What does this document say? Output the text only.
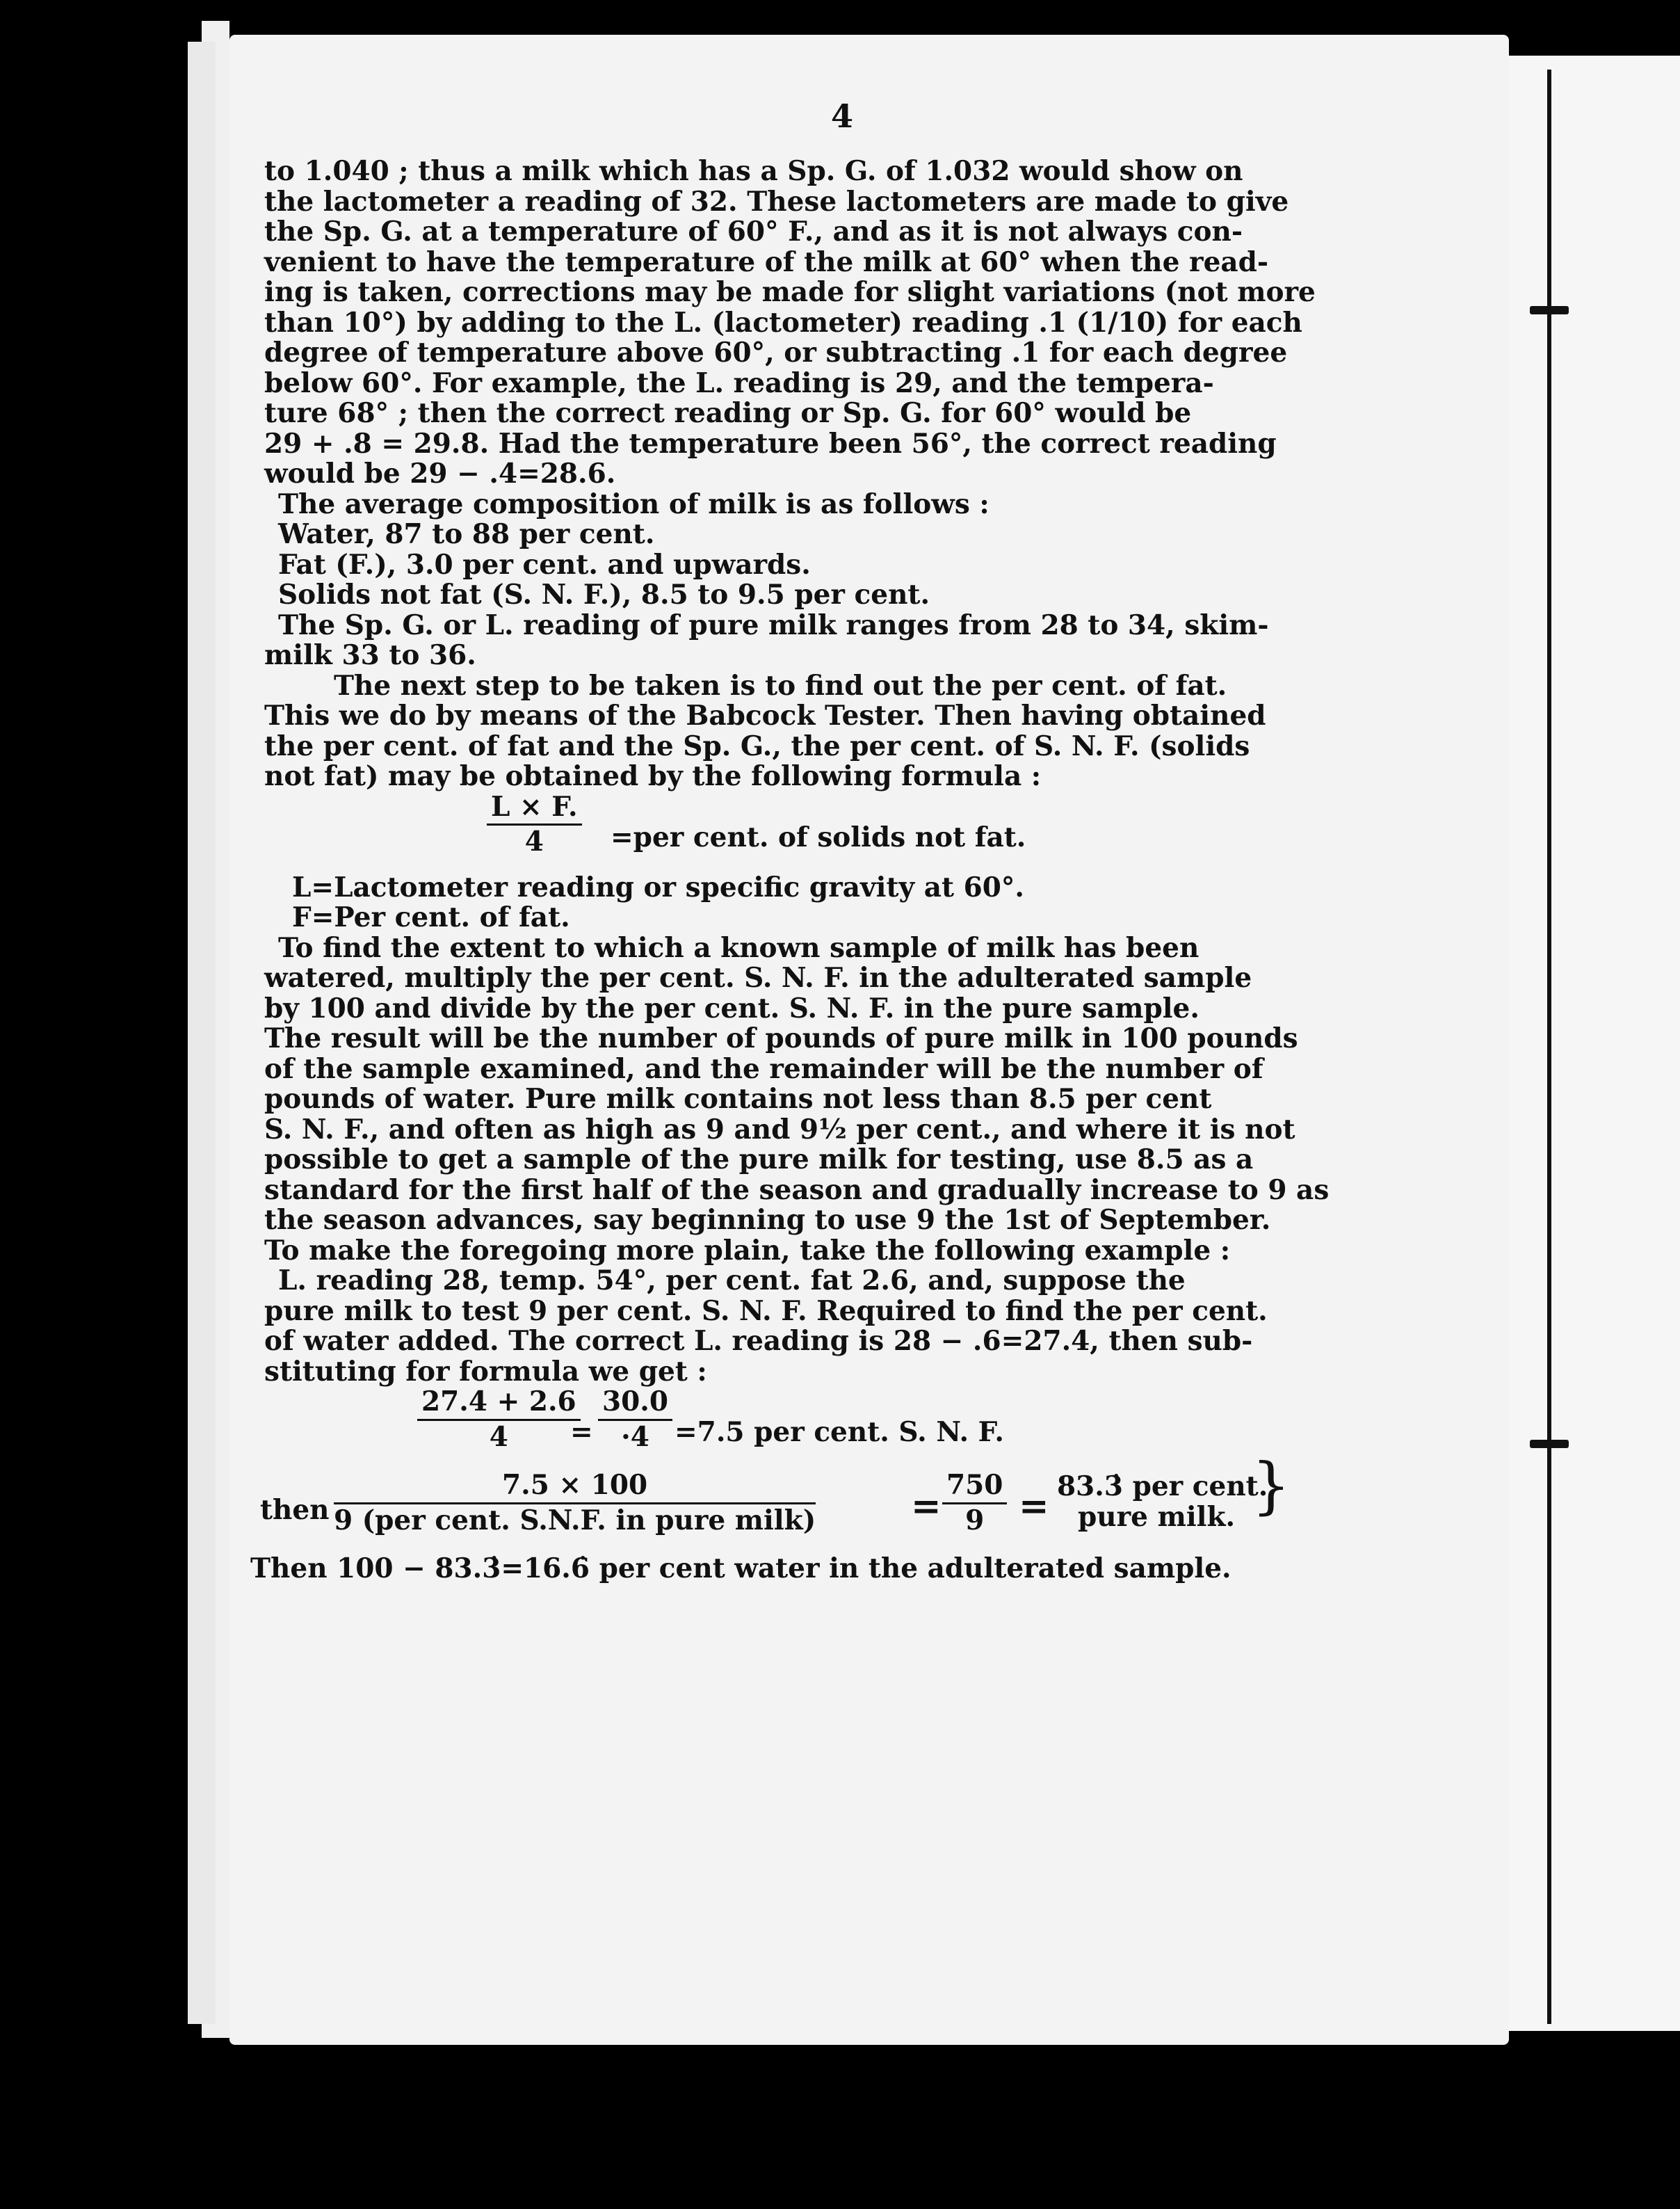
4

to 1.040 ; thus a milk which has a Sp. G. of 1.032 would show on
the lactometer a reading of 32. These lactometers are made to give
the Sp. G. at a temperature of 60° F., and as it is not always con-
venient to have the temperature of the milk at 60° when the read-
ing is taken, corrections may be made for slight variations (not more
than 10°) by adding to the L. (lactometer) reading .1 (1/10) for each
degree of temperature above 60°, or subtracting .1 for each degree
below 60°. For example, the L. reading is 29, and the tempera-
ture 68° ; then the correct reading or Sp. G. for 60° would be
29 + .8 = 29.8. Had the temperature been 56°, the correct reading
would be 29 − .4=28.6.

The average composition of milk is as follows :

Water, 87 to 88 per cent.

Fat (F.), 3.0 per cent. and upwards.

Solids not fat (S. N. F.), 8.5 to 9.5 per cent.

The Sp. G. or L. reading of pure milk ranges from 28 to 34, skim-
milk 33 to 36.

The next step to be taken is to find out the per cent. of fat.
This we do by means of the Babcock Tester. Then having obtained
the per cent. of fat and the Sp. G., the per cent. of S. N. F. (solids
not fat) may be obtained by the following formula :

$\frac{L \times F.}{4} =per$ cent. of solids not fat.

L=Lactometer reading or specific gravity at 60°.

F=Per cent. of fat.

To find the extent to which a known sample of milk has been
watered, multiply the per cent. S. N. F. in the adulterated sample
by 100 and divide by the per cent. S. N. F. in the pure sample.
The result will be the number of pounds of pure milk in 100 pounds
of the sample examined, and the remainder will be the number of
pounds of water. Pure milk contains not less than 8.5 per cent
S. N. F., and often as high as 9 and 9½ per cent., and where it is not
possible to get a sample of the pure milk for testing, use 8.5 as a
standard for the first half of the season and gradually increase to 9 as
the season advances, say beginning to use 9 the 1st of September.
To make the foregoing more plain, take the following example :

L. reading 28, temp. 54°, per cent. fat 2.6, and, suppose the
pure milk to test 9 per cent. S. N. F. Required to find the per cent.
of water added. The correct L. reading is 28 − .6=27.4, then sub-
stituting for formula we get :

$\frac{27.4 + 2.6}{4}$
= $\frac{30.0}{\cdot 4} =7.5$ per cent. S. N. F.
then
7.5 × 100
9 (per cent. S.N.F. in pure milk)	= $\frac{750}{9}$ = 83.3̇ per cent.
pure milk. }

Then 100 − 83.3̇=16.6̇ per cent water in the adulterated sample.
